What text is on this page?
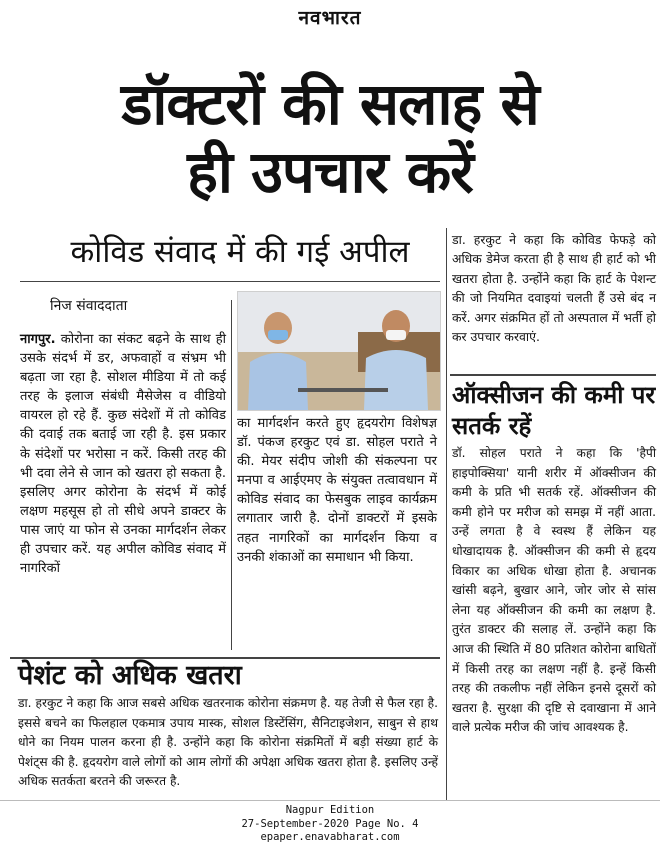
नवभारत
डॉक्टरों की सलाह से
ही उपचार करें
कोविड संवाद में की गई अपील
निज संवाददाता

नागपुर. कोरोना का संकट बढ़ने के साथ ही उसके संदर्भ में डर, अफवाहों व संभ्रम भी बढ़ता जा रहा है. सोशल मीडिया में तो कई तरह के इलाज संबंधी मैसेजेस व वीडियो वायरल हो रहे हैं. कुछ संदेशों में तो कोविड की दवाई तक बताई जा रही है. इस प्रकार के संदेशों पर भरोसा न करें. किसी तरह की भी दवा लेने से जान को खतरा हो सकता है. इसलिए अगर कोरोना के संदर्भ में कोई लक्षण महसूस हो तो सीधे अपने डाक्टर के पास जाएं या फोन से उनका मार्गदर्शन लेकर ही उपचार करें. यह अपील कोविड संवाद में नागरिकों

का मार्गदर्शन करते हुए हृदयरोग विशेषज्ञ डॉ. पंकज हरकुट एवं डा. सोहल पराते ने की. मेयर संदीप जोशी की संकल्पना पर मनपा व आईएमए के संयुक्त तत्वावधान में कोविड संवाद का फेसबुक लाइव कार्यक्रम लगातार जारी है. दोनों डाक्टरों में इसके तहत नागरिकों का मार्गदर्शन किया व उनकी शंकाओं का समाधान भी किया.

पेशंट को अधिक खतरा
डा. हरकुट ने कहा कि आज सबसे अधिक खतरनाक कोरोना संक्रमण है. यह तेजी से फैल रहा है. इससे बचने का फिलहाल एकमात्र उपाय मास्क, सोशल डिस्टेंसिंग, सैनिटाइजेशन, साबुन से हाथ धोने का नियम पालन करना ही है. उन्होंने कहा कि कोरोना संक्रमितों में बड़ी संख्या हार्ट के पेशंट्स की है. हृदयरोग वाले लोगों को आम लोगों की अपेक्षा अधिक खतरा होता है. इसलिए उन्हें अधिक सतर्कता बरतने की जरूरत है.
डा. हरकुट ने कहा कि कोविड फेफड़े को अधिक डेमेज करता ही है साथ ही हार्ट को भी खतरा होता है. उन्होंने कहा कि हार्ट के पेशन्ट की जो नियमित दवाइयां चलती हैं उसे बंद न करें. अगर संक्रमित हों तो अस्पताल में भर्ती हो कर उपचार करवाएं.
ऑक्सीजन की कमी पर सतर्क रहें
डॉ. सोहल पराते ने कहा कि 'हैपी हाइपोक्सिया' यानी शरीर में ऑक्सीजन की कमी के प्रति भी सतर्क रहें. ऑक्सीजन की कमी होने पर मरीज को समझ में नहीं आता. उन्हें लगता है वे स्वस्थ हैं लेकिन यह धोखादायक है. ऑक्सीजन की कमी से हृदय विकार का अधिक धोखा होता है. अचानक खांसी बढ़ने, बुखार आने, जोर जोर से सांस लेना यह ऑक्सीजन की कमी का लक्षण है. तुरंत डाक्टर की सलाह लें. उन्होंने कहा कि आज की स्थिति में 80 प्रतिशत कोरोना बाधितों में किसी तरह का लक्षण नहीं है. इन्हें किसी तरह की तकलीफ नहीं लेकिन इनसे दूसरों को खतरा है. सुरक्षा की दृष्टि से दवाखाना में आने वाले प्रत्येक मरीज की जांच आवश्यक है.
Nagpur Edition
27-September-2020 Page No. 4
epaper.enavabharat.com
